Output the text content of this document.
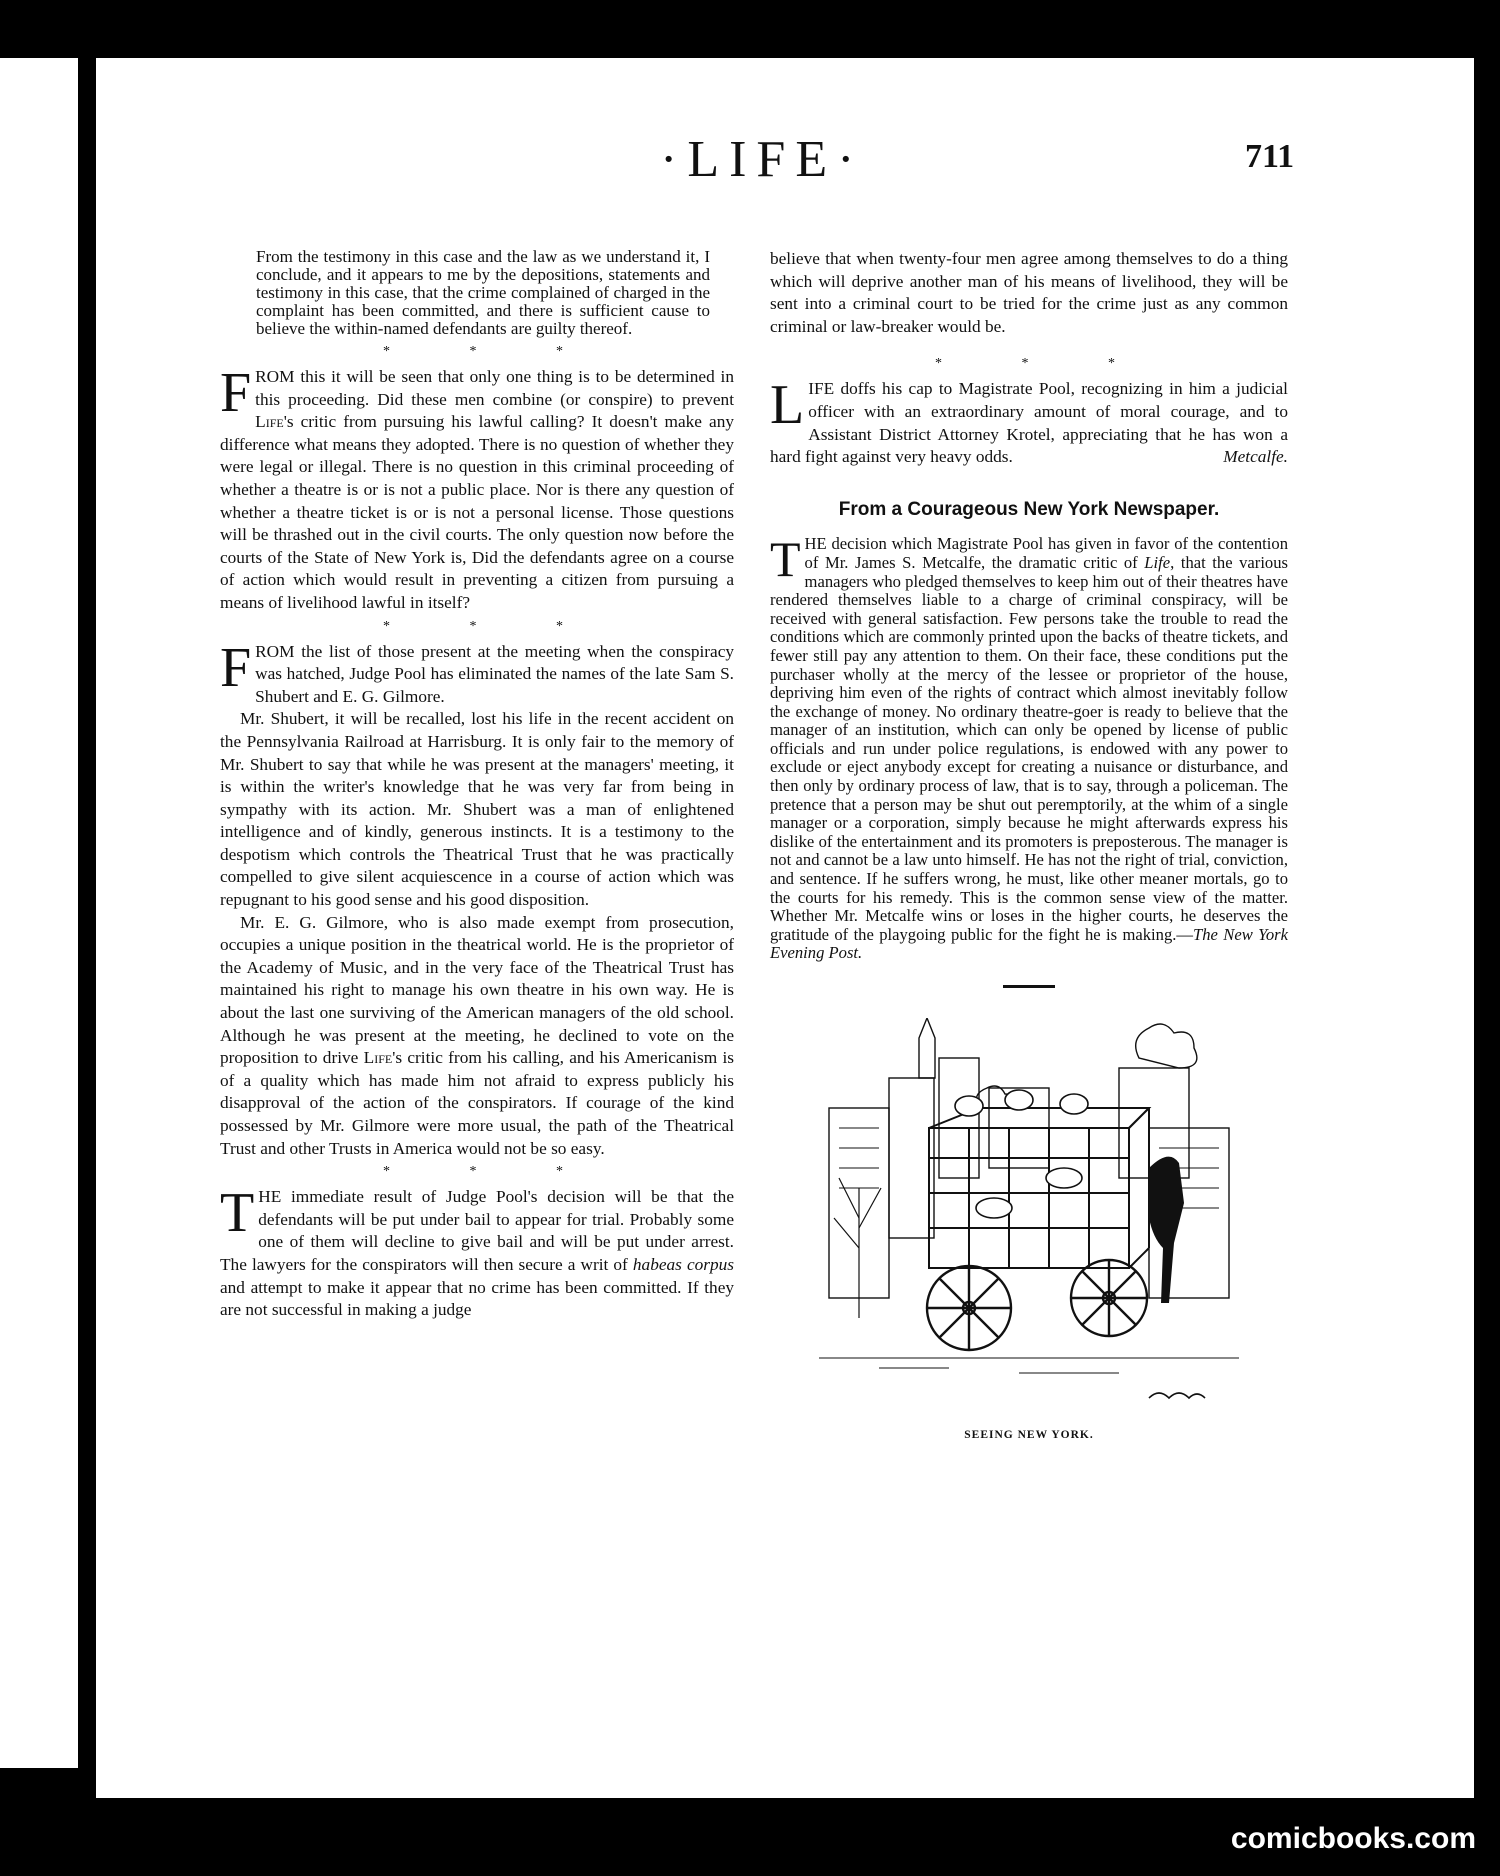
·LIFE·	711

From the testimony in this case and the law as we understand it, I conclude, and it appears to me by the depositions, statements and testimony in this case, that the crime complained of charged in the complaint has been committed, and there is sufficient cause to believe the within-named defendants are guilty thereof.

* * *

FROM this it will be seen that only one thing is to be determined in this proceeding. Did these men combine (or conspire) to prevent Life's critic from pursuing his lawful calling? It doesn't make any difference what means they adopted. There is no question of whether they were legal or illegal. There is no question in this criminal proceeding of whether a theatre is or is not a public place. Nor is there any question of whether a theatre ticket is or is not a personal license. Those questions will be thrashed out in the civil courts. The only question now before the courts of the State of New York is, Did the defendants agree on a course of action which would result in preventing a citizen from pursuing a means of livelihood lawful in itself?

* * *

FROM the list of those present at the meeting when the conspiracy was hatched, Judge Pool has eliminated the names of the late Sam S. Shubert and E. G. Gilmore.

Mr. Shubert, it will be recalled, lost his life in the recent accident on the Pennsylvania Railroad at Harrisburg. It is only fair to the memory of Mr. Shubert to say that while he was present at the managers' meeting, it is within the writer's knowledge that he was very far from being in sympathy with its action. Mr. Shubert was a man of enlightened intelligence and of kindly, generous instincts. It is a testimony to the despotism which controls the Theatrical Trust that he was practically compelled to give silent acquiescence in a course of action which was repugnant to his good sense and his good disposition.

Mr. E. G. Gilmore, who is also made exempt from prosecution, occupies a unique position in the theatrical world. He is the proprietor of the Academy of Music, and in the very face of the Theatrical Trust has maintained his right to manage his own theatre in his own way. He is about the last one surviving of the American managers of the old school. Although he was present at the meeting, he declined to vote on the proposition to drive Life's critic from his calling, and his Americanism is of a quality which has made him not afraid to express publicly his disapproval of the action of the conspirators. If courage of the kind possessed by Mr. Gilmore were more usual, the path of the Theatrical Trust and other Trusts in America would not be so easy.

* * *

THE immediate result of Judge Pool's decision will be that the defendants will be put under bail to appear for trial. Probably some one of them will decline to give bail and will be put under arrest. The lawyers for the conspirators will then secure a writ of habeas corpus and attempt to make it appear that no crime has been committed. If they are not successful in making a judge

believe that when twenty-four men agree among themselves to do a thing which will deprive another man of his means of livelihood, they will be sent into a criminal court to be tried for the crime just as any common criminal or law-breaker would be.

* * *

LIFE doffs his cap to Magistrate Pool, recognizing in him a judicial officer with an extraordinary amount of moral courage, and to Assistant District Attorney Krotel, appreciating that he has won a hard fight against very heavy odds.	Metcalfe.

From a Courageous New York Newspaper.

THE decision which Magistrate Pool has given in favor of the contention of Mr. James S. Metcalfe, the dramatic critic of Life, that the various managers who pledged themselves to keep him out of their theatres have rendered themselves liable to a charge of criminal conspiracy, will be received with general satisfaction. Few persons take the trouble to read the conditions which are commonly printed upon the backs of theatre tickets, and fewer still pay any attention to them. On their face, these conditions put the purchaser wholly at the mercy of the lessee or proprietor of the house, depriving him even of the rights of contract which almost inevitably follow the exchange of money. No ordinary theatre-goer is ready to believe that the manager of an institution, which can only be opened by license of public officials and run under police regulations, is endowed with any power to exclude or eject anybody except for creating a nuisance or disturbance, and then only by ordinary process of law, that is to say, through a policeman. The pretence that a person may be shut out peremptorily, at the whim of a single manager or a corporation, simply because he might afterwards express his dislike of the entertainment and its promoters is preposterous. The manager is not and cannot be a law unto himself. He has not the right of trial, conviction, and sentence. If he suffers wrong, he must, like other meaner mortals, go to the courts for his remedy. This is the common sense view of the matter. Whether Mr. Metcalfe wins or loses in the higher courts, he deserves the gratitude of the playgoing public for the fight he is making.—The New York Evening Post.

SEEING NEW YORK.
comicbooks.com
